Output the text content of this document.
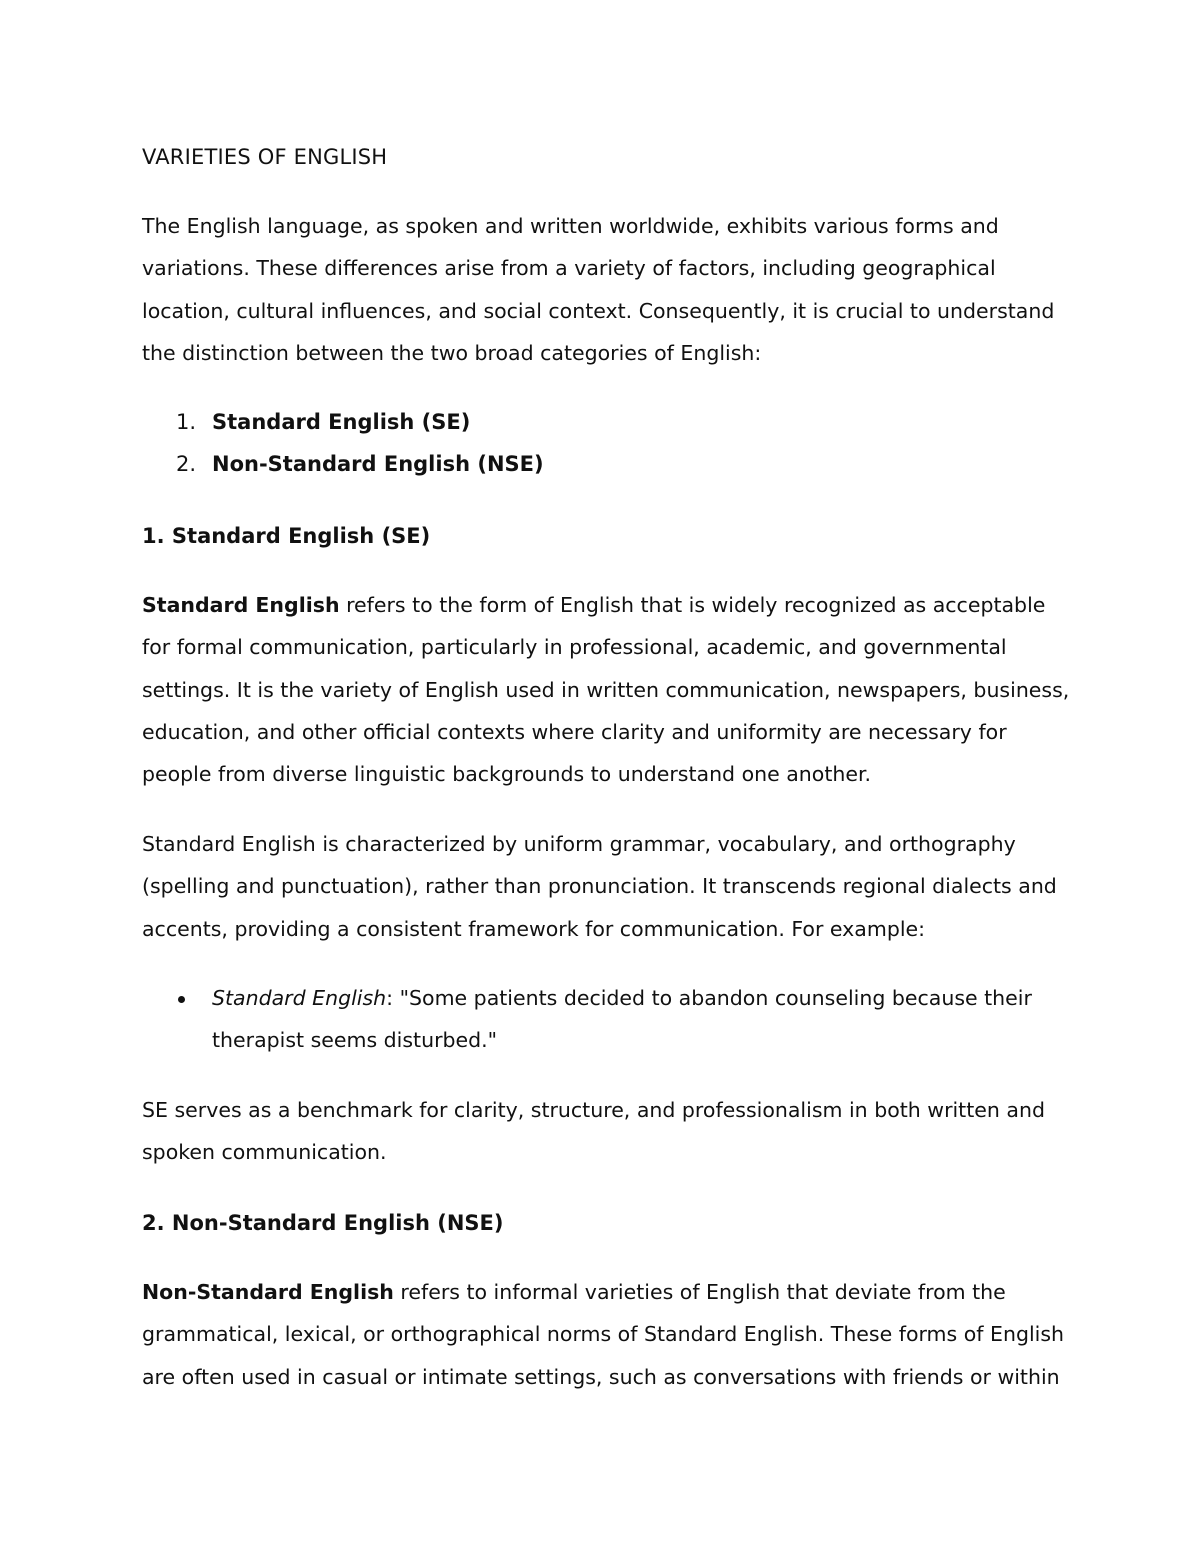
VARIETIES OF ENGLISH

The English language, as spoken and written worldwide, exhibits various forms and variations. These differences arise from a variety of factors, including geographical location, cultural influences, and social context. Consequently, it is crucial to understand the distinction between the two broad categories of English:

1. Standard English (SE)
2. Non-Standard English (NSE)
1. Standard English (SE)

Standard English refers to the form of English that is widely recognized as acceptable for formal communication, particularly in professional, academic, and governmental settings. It is the variety of English used in written communication, newspapers, business, education, and other official contexts where clarity and uniformity are necessary for people from diverse linguistic backgrounds to understand one another.

Standard English is characterized by uniform grammar, vocabulary, and orthography (spelling and punctuation), rather than pronunciation. It transcends regional dialects and accents, providing a consistent framework for communication. For example:

Standard English: "Some patients decided to abandon counseling because their therapist seems disturbed."

SE serves as a benchmark for clarity, structure, and professionalism in both written and spoken communication.

2. Non-Standard English (NSE)

Non-Standard English refers to informal varieties of English that deviate from the grammatical, lexical, or orthographical norms of Standard English. These forms of English are often used in casual or intimate settings, such as conversations with friends or within
